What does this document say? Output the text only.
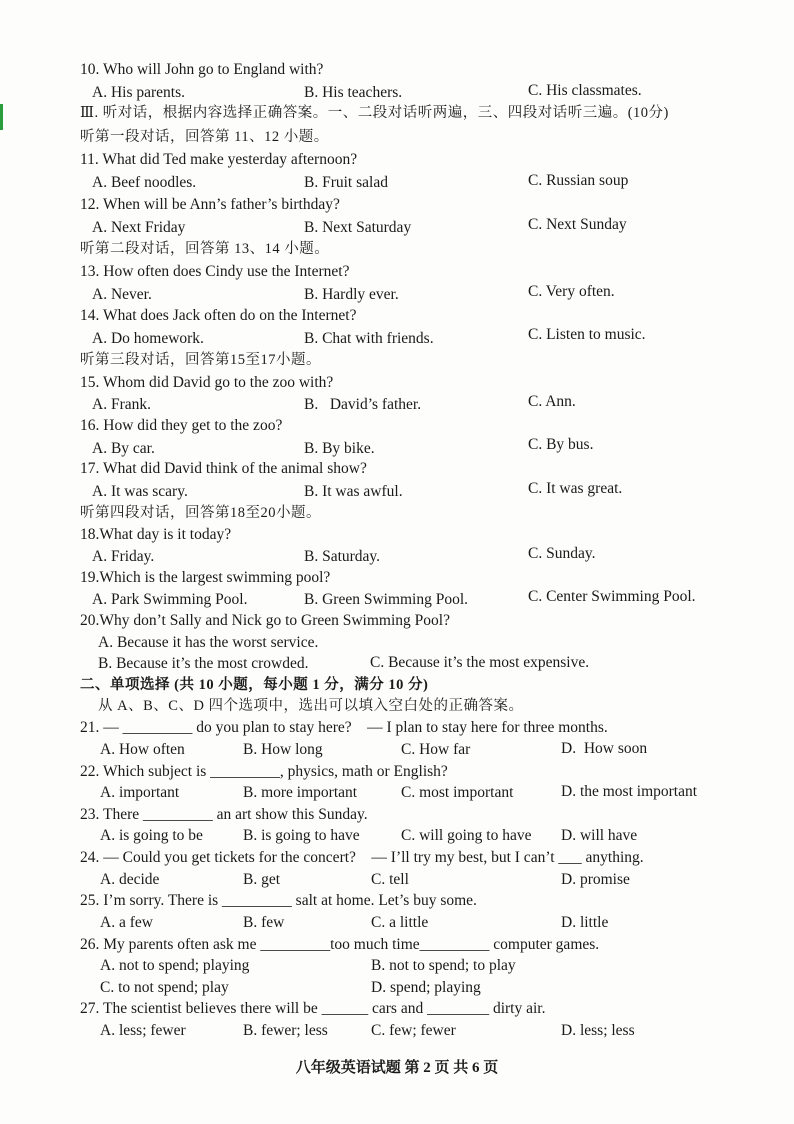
10. Who will John go to England with?
A. His parents.	B. His teachers.	C. His classmates.
Ⅲ. 听对话，根据内容选择正确答案。一、二段对话听两遍，三、四段对话听三遍。(10分)
听第一段对话，回答第 11、12 小题。
11. What did Ted make yesterday afternoon?
A. Beef noodles.	B. Fruit salad	C. Russian soup
12. When will be Ann’s father’s birthday?
A. Next Friday	B. Next Saturday	C. Next Sunday
听第二段对话，回答第 13、14 小题。
13. How often does Cindy use the Internet?
A. Never.	B. Hardly ever.	C. Very often.
14. What does Jack often do on the Internet?
A. Do homework.	B. Chat with friends.	C. Listen to music.
听第三段对话，回答第15至17小题。
15. Whom did David go to the zoo with?
A. Frank.	B.   David’s father.	C. Ann.
16. How did they get to the zoo?
A. By car.	B. By bike.	C. By bus.
17. What did David think of the animal show?
A. It was scary.	B. It was awful.	C. It was great.
听第四段对话，回答第18至20小题。
18.What day is it today?
A. Friday.	B. Saturday.	C. Sunday.
19.Which is the largest swimming pool?
A. Park Swimming Pool.	B. Green Swimming Pool.	C. Center Swimming Pool.
20.Why don’t Sally and Nick go to Green Swimming Pool?
A. Because it has the worst service.
B. Because it’s the most crowded.	C. Because it’s the most expensive.
二、单项选择 (共 10 小题，每小题 1 分，满分 10 分)
从 A、B、C、D 四个选项中，选出可以填入空白处的正确答案。
21. — _________ do you plan to stay here?    — I plan to stay here for three months.
A. How often	B. How long	C. How far	D.  How soon
22. Which subject is _________, physics, math or English?
A. important	B. more important	C. most important	D. the most important
23. There _________ an art show this Sunday.
A. is going to be	B. is going to have	C. will going to have D. will have
24. — Could you get tickets for the concert?    — I’ll try my best, but I can’t ___ anything.
A. decide	B. get	C. tell	D. promise
25. I’m sorry. There is _________ salt at home. Let’s buy some.
A. a few	B. few	C. a little	D. little
26. My parents often ask me _________too much time_________ computer games.
A. not to spend; playing	B. not to spend; to play
C. to not spend; play	D. spend; playing
27. The scientist believes there will be ______ cars and ________ dirty air.
A. less; fewer	B. fewer; less	C. few; fewer	D. less; less
八年级英语试题 第 2 页 共 6 页
